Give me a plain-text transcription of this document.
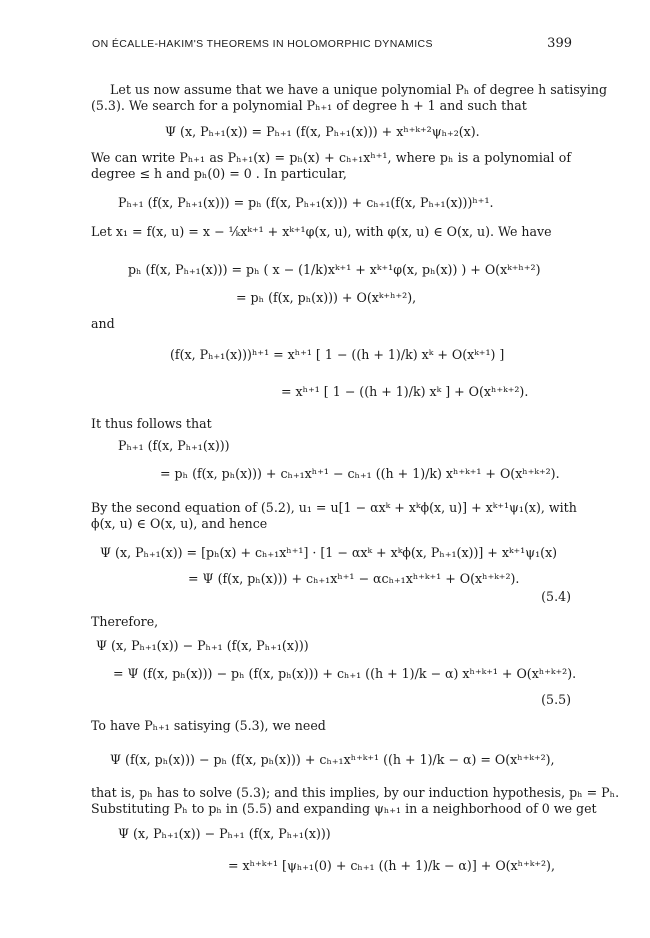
ON ÉCALLE-HAKIM'S THEOREMS IN HOLOMORPHIC DYNAMICS	399
Let us now assume that we have a unique polynomial Pₕ of degree h satisying
(5.3). We search for a polynomial Pₕ₊₁ of degree h + 1 and such that
Ψ (x, Pₕ₊₁(x)) = Pₕ₊₁ (f(x, Pₕ₊₁(x))) + xʰ⁺ᵏ⁺²ψₕ₊₂(x).
We can write Pₕ₊₁ as Pₕ₊₁(x) = pₕ(x) + cₕ₊₁xʰ⁺¹, where pₕ is a polynomial of
degree ≤ h and pₕ(0) = 0 . In particular,
Pₕ₊₁ (f(x, Pₕ₊₁(x))) = pₕ (f(x, Pₕ₊₁(x))) + cₕ₊₁(f(x, Pₕ₊₁(x)))ʰ⁺¹.
Let x₁ = f(x, u) = x − ¹⁄ₖxᵏ⁺¹ + xᵏ⁺¹φ(x, u), with φ(x, u) ∈ O(x, u). We have
pₕ (f(x, Pₕ₊₁(x))) = pₕ ( x − (1/k)xᵏ⁺¹ + xᵏ⁺¹φ(x, pₕ(x)) ) + O(xᵏ⁺ʰ⁺²)
= pₕ (f(x, pₕ(x))) + O(xᵏ⁺ʰ⁺²),
and
(f(x, Pₕ₊₁(x)))ʰ⁺¹ = xʰ⁺¹ [ 1 − ((h + 1)/k) xᵏ + O(xᵏ⁺¹) ]
= xʰ⁺¹ [ 1 − ((h + 1)/k) xᵏ ] + O(xʰ⁺ᵏ⁺²).
It thus follows that
Pₕ₊₁ (f(x, Pₕ₊₁(x)))
= pₕ (f(x, pₕ(x))) + cₕ₊₁xʰ⁺¹ − cₕ₊₁ ((h + 1)/k) xʰ⁺ᵏ⁺¹ + O(xʰ⁺ᵏ⁺²).
By the second equation of (5.2), u₁ = u[1 − αxᵏ + xᵏϕ(x, u)] + xᵏ⁺¹ψ₁(x), with
ϕ(x, u) ∈ O(x, u), and hence
Ψ (x, Pₕ₊₁(x)) = [pₕ(x) + cₕ₊₁xʰ⁺¹] · [1 − αxᵏ + xᵏϕ(x, Pₕ₊₁(x))] + xᵏ⁺¹ψ₁(x)
= Ψ (f(x, pₕ(x))) + cₕ₊₁xʰ⁺¹ − αcₕ₊₁xʰ⁺ᵏ⁺¹ + O(xʰ⁺ᵏ⁺²).
Therefore,
Ψ (x, Pₕ₊₁(x)) − Pₕ₊₁ (f(x, Pₕ₊₁(x)))
= Ψ (f(x, pₕ(x))) − pₕ (f(x, pₕ(x))) + cₕ₊₁ ((h + 1)/k − α) xʰ⁺ᵏ⁺¹ + O(xʰ⁺ᵏ⁺²).
To have Pₕ₊₁ satisying (5.3), we need
Ψ (f(x, pₕ(x))) − pₕ (f(x, pₕ(x))) + cₕ₊₁xʰ⁺ᵏ⁺¹ ((h + 1)/k − α) = O(xʰ⁺ᵏ⁺²),
that is, pₕ has to solve (5.3); and this implies, by our induction hypothesis, pₕ = Pₕ.
Substituting Pₕ to pₕ in (5.5) and expanding ψₕ₊₁ in a neighborhood of 0 we get
Ψ (x, Pₕ₊₁(x)) − Pₕ₊₁ (f(x, Pₕ₊₁(x)))
= xʰ⁺ᵏ⁺¹ [ψₕ₊₁(0) + cₕ₊₁ ((h + 1)/k − α)] + O(xʰ⁺ᵏ⁺²),
(5.4)
(5.5)
